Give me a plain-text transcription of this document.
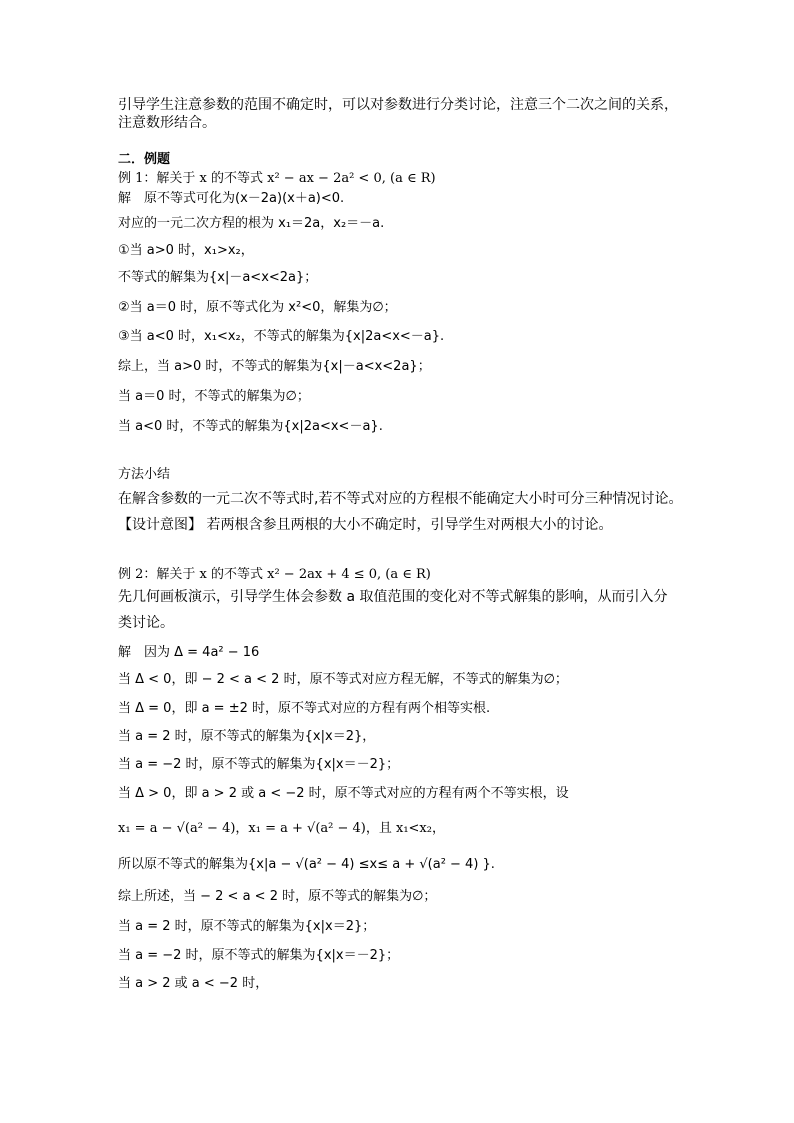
引导学生注意参数的范围不确定时，可以对参数进行分类讨论，注意三个二次之间的关系，
注意数形结合。
二．例题
例 1：解关于 x 的不等式 x² − ax − 2a² < 0, (a ∈ R)
解　原不等式可化为(x－2a)(x＋a)<0.
对应的一元二次方程的根为 x₁＝2a，x₂＝－a.
①当 a>0 时，x₁>x₂，
不等式的解集为{x|－a<x<2a}；
②当 a＝0 时，原不等式化为 x²<0，解集为∅；
③当 a<0 时，x₁<x₂，不等式的解集为{x|2a<x<－a}.
综上，当 a>0 时，不等式的解集为{x|－a<x<2a}；
当 a＝0 时，不等式的解集为∅；
当 a<0 时，不等式的解集为{x|2a<x<－a}.
方法小结
在解含参数的一元二次不等式时,若不等式对应的方程根不能确定大小时可分三种情况讨论。
【设计意图】 若两根含参且两根的大小不确定时，引导学生对两根大小的讨论。
例 2：解关于 x 的不等式 x² − 2ax + 4 ≤ 0, (a ∈ R)
先几何画板演示，引导学生体会参数 a 取值范围的变化对不等式解集的影响，从而引入分
类讨论。
解　因为 Δ = 4a² − 16
当 Δ < 0，即 − 2 < a < 2 时，原不等式对应方程无解，不等式的解集为∅；
当 Δ = 0，即 a = ±2 时，原不等式对应的方程有两个相等实根.
当 a = 2 时，原不等式的解集为{x|x＝2}，
当 a = −2 时，原不等式的解集为{x|x＝－2}；
当 Δ > 0，即 a > 2 或 a < −2 时，原不等式对应的方程有两个不等实根，设
x₁ = a − √(a² − 4)，x₁ = a + √(a² − 4)，且 x₁<x₂，
所以原不等式的解集为{x|a − √(a² − 4) ≤x≤ a + √(a² − 4) }.
综上所述，当 − 2 < a < 2 时，原不等式的解集为∅；
当 a = 2 时，原不等式的解集为{x|x＝2}；
当 a = −2 时，原不等式的解集为{x|x＝－2}；
当 a > 2 或 a < −2 时，
